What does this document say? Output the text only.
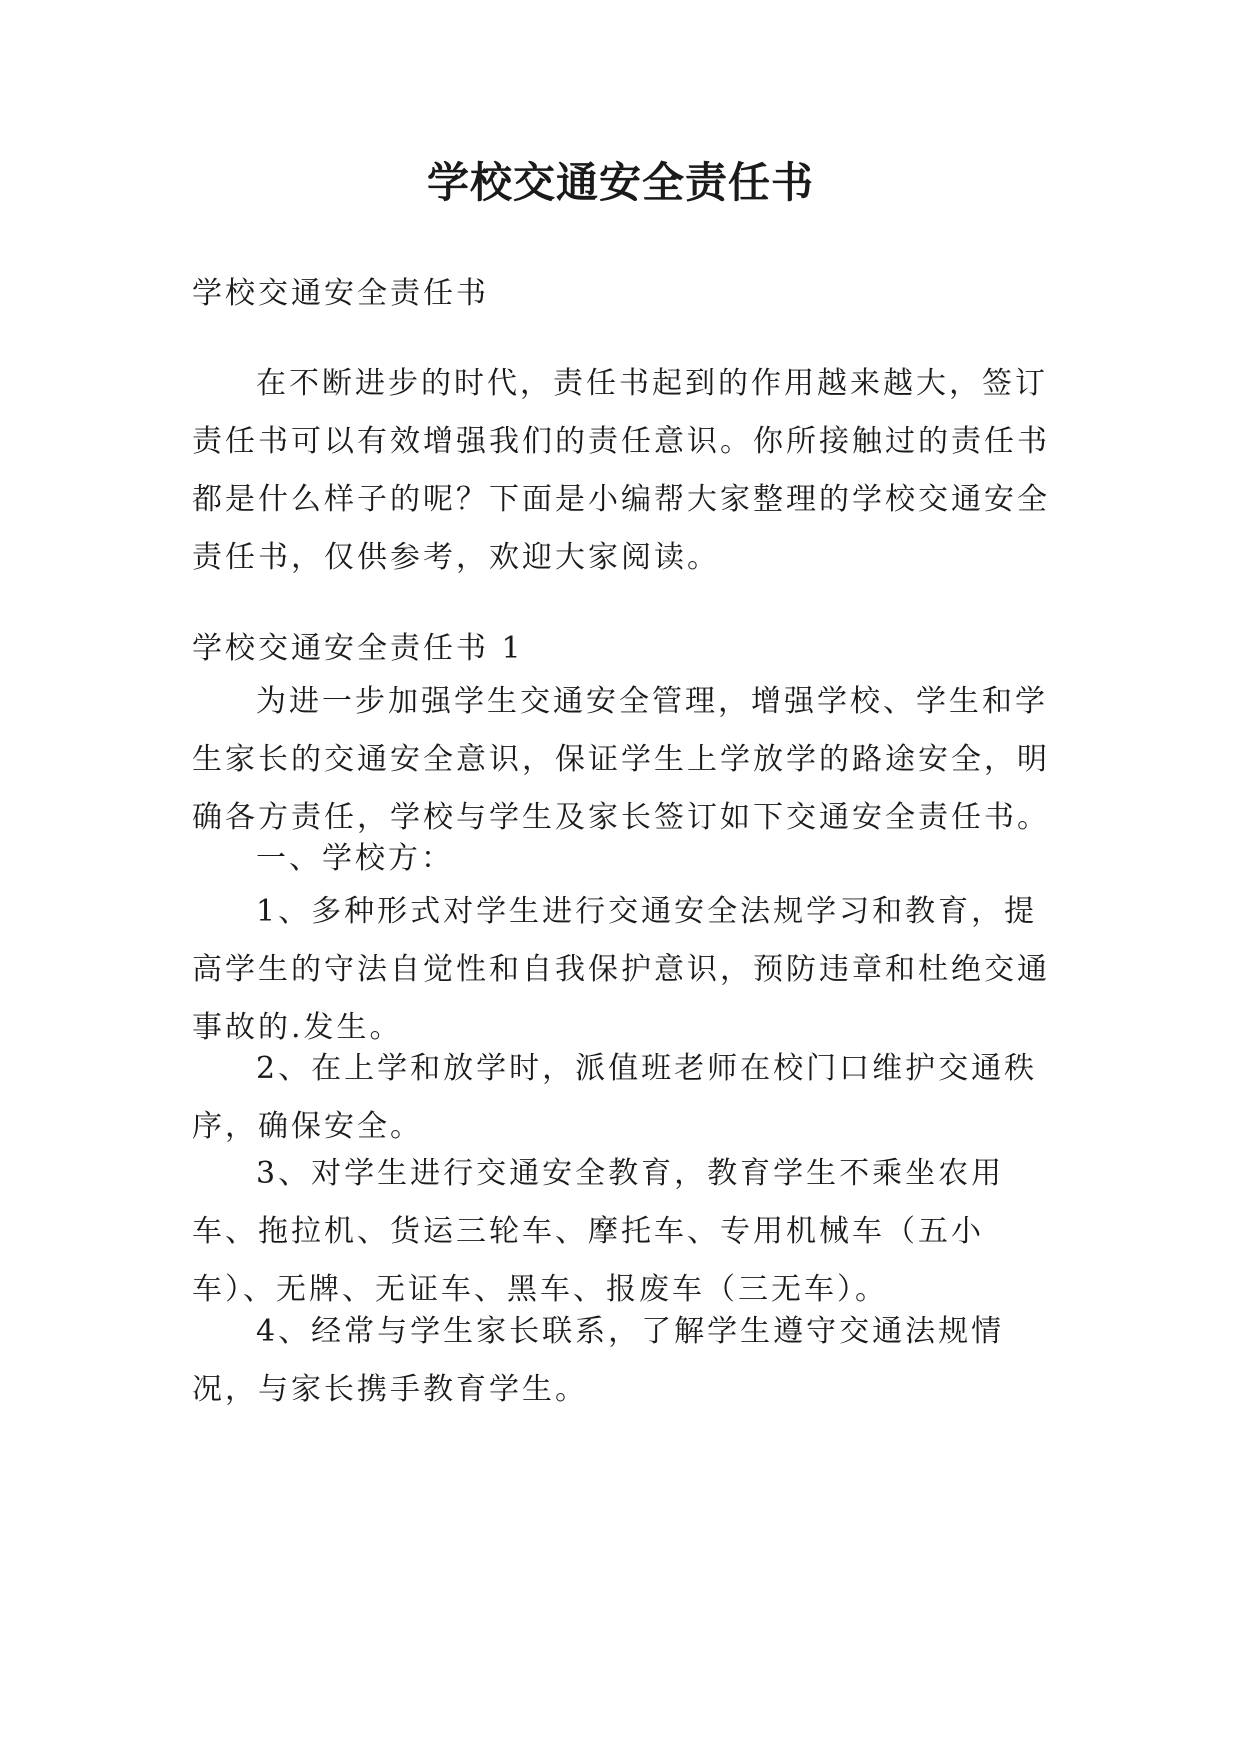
学校交通安全责任书

学校交通安全责任书

在不断进步的时代，责任书起到的作用越来越大，签订责任书可以有效增强我们的责任意识。你所接触过的责任书都是什么样子的呢？下面是小编帮大家整理的学校交通安全责任书，仅供参考，欢迎大家阅读。

学校交通安全责任书 1

为进一步加强学生交通安全管理，增强学校、学生和学生家长的交通安全意识，保证学生上学放学的路途安全，明确各方责任，学校与学生及家长签订如下交通安全责任书。

一、学校方：

1、多种形式对学生进行交通安全法规学习和教育，提高学生的守法自觉性和自我保护意识，预防违章和杜绝交通事故的.发生。

2、在上学和放学时，派值班老师在校门口维护交通秩序，确保安全。

3、对学生进行交通安全教育，教育学生不乘坐农用车、拖拉机、货运三轮车、摩托车、专用机械车（五小车）、无牌、无证车、黑车、报废车（三无车）。

4、经常与学生家长联系，了解学生遵守交通法规情况，与家长携手教育学生。
